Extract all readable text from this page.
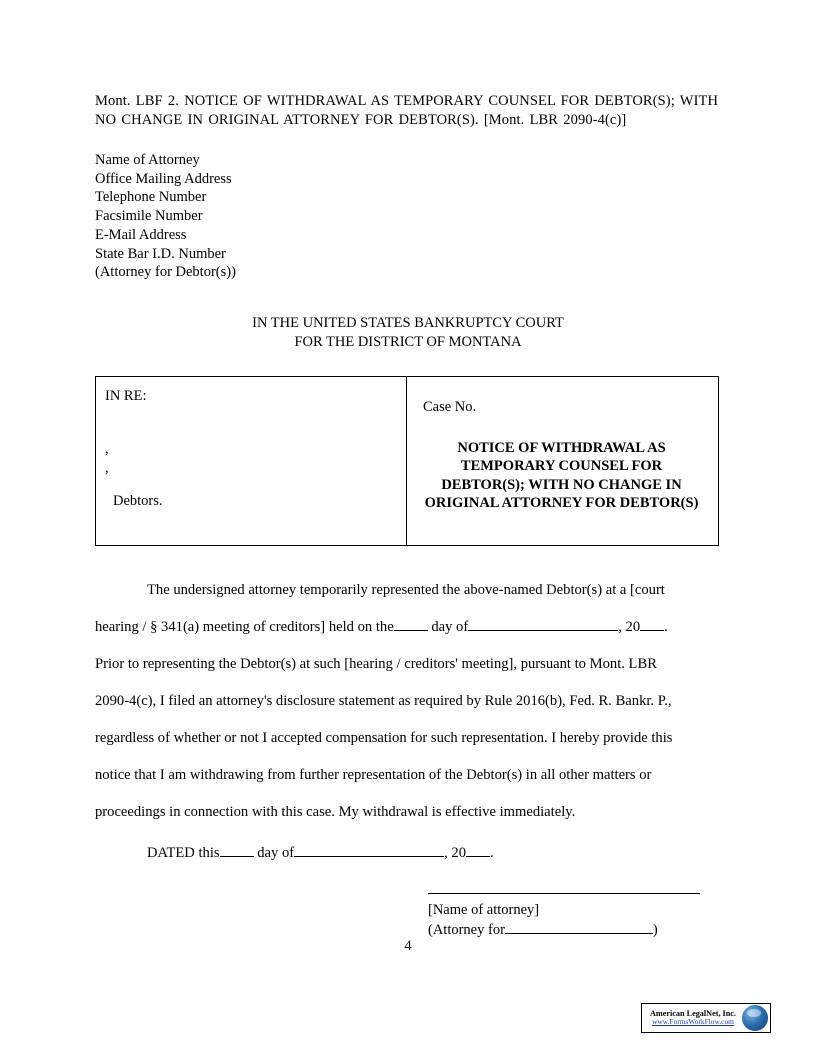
Mont. LBF 2. NOTICE OF WITHDRAWAL AS TEMPORARY COUNSEL FOR DEBTOR(S); WITH NO CHANGE IN ORIGINAL ATTORNEY FOR DEBTOR(S). [Mont. LBR 2090-4(c)]
Name of Attorney
Office Mailing Address
Telephone Number
Facsimile Number
E-Mail Address
State Bar I.D. Number
(Attorney for Debtor(s))
IN THE UNITED STATES BANKRUPTCY COURT
FOR THE DISTRICT OF MONTANA
IN RE:
,
,
Debtors.
Case No.
NOTICE OF WITHDRAWAL AS TEMPORARY COUNSEL FOR DEBTOR(S); WITH NO CHANGE IN ORIGINAL ATTORNEY FOR DEBTOR(S)

The undersigned attorney temporarily represented the above-named Debtor(s) at a [court
hearing / § 341(a) meeting of creditors] held on the	day of	, 20 .
Prior to representing the Debtor(s) at such [hearing / creditors' meeting], pursuant to Mont. LBR
2090-4(c), I filed an attorney's disclosure statement as required by Rule 2016(b), Fed. R. Bankr. P.,
regardless of whether or not I accepted compensation for such representation. I hereby provide this
notice that I am withdrawing from further representation of the Debtor(s) in all other matters or
proceedings in connection with this case. My withdrawal is effective immediately.

DATED this	day of	, 20 .
[Name of attorney]
(Attorney for	)
4
American LegalNet, Inc.
www.FormsWorkFlow.com
